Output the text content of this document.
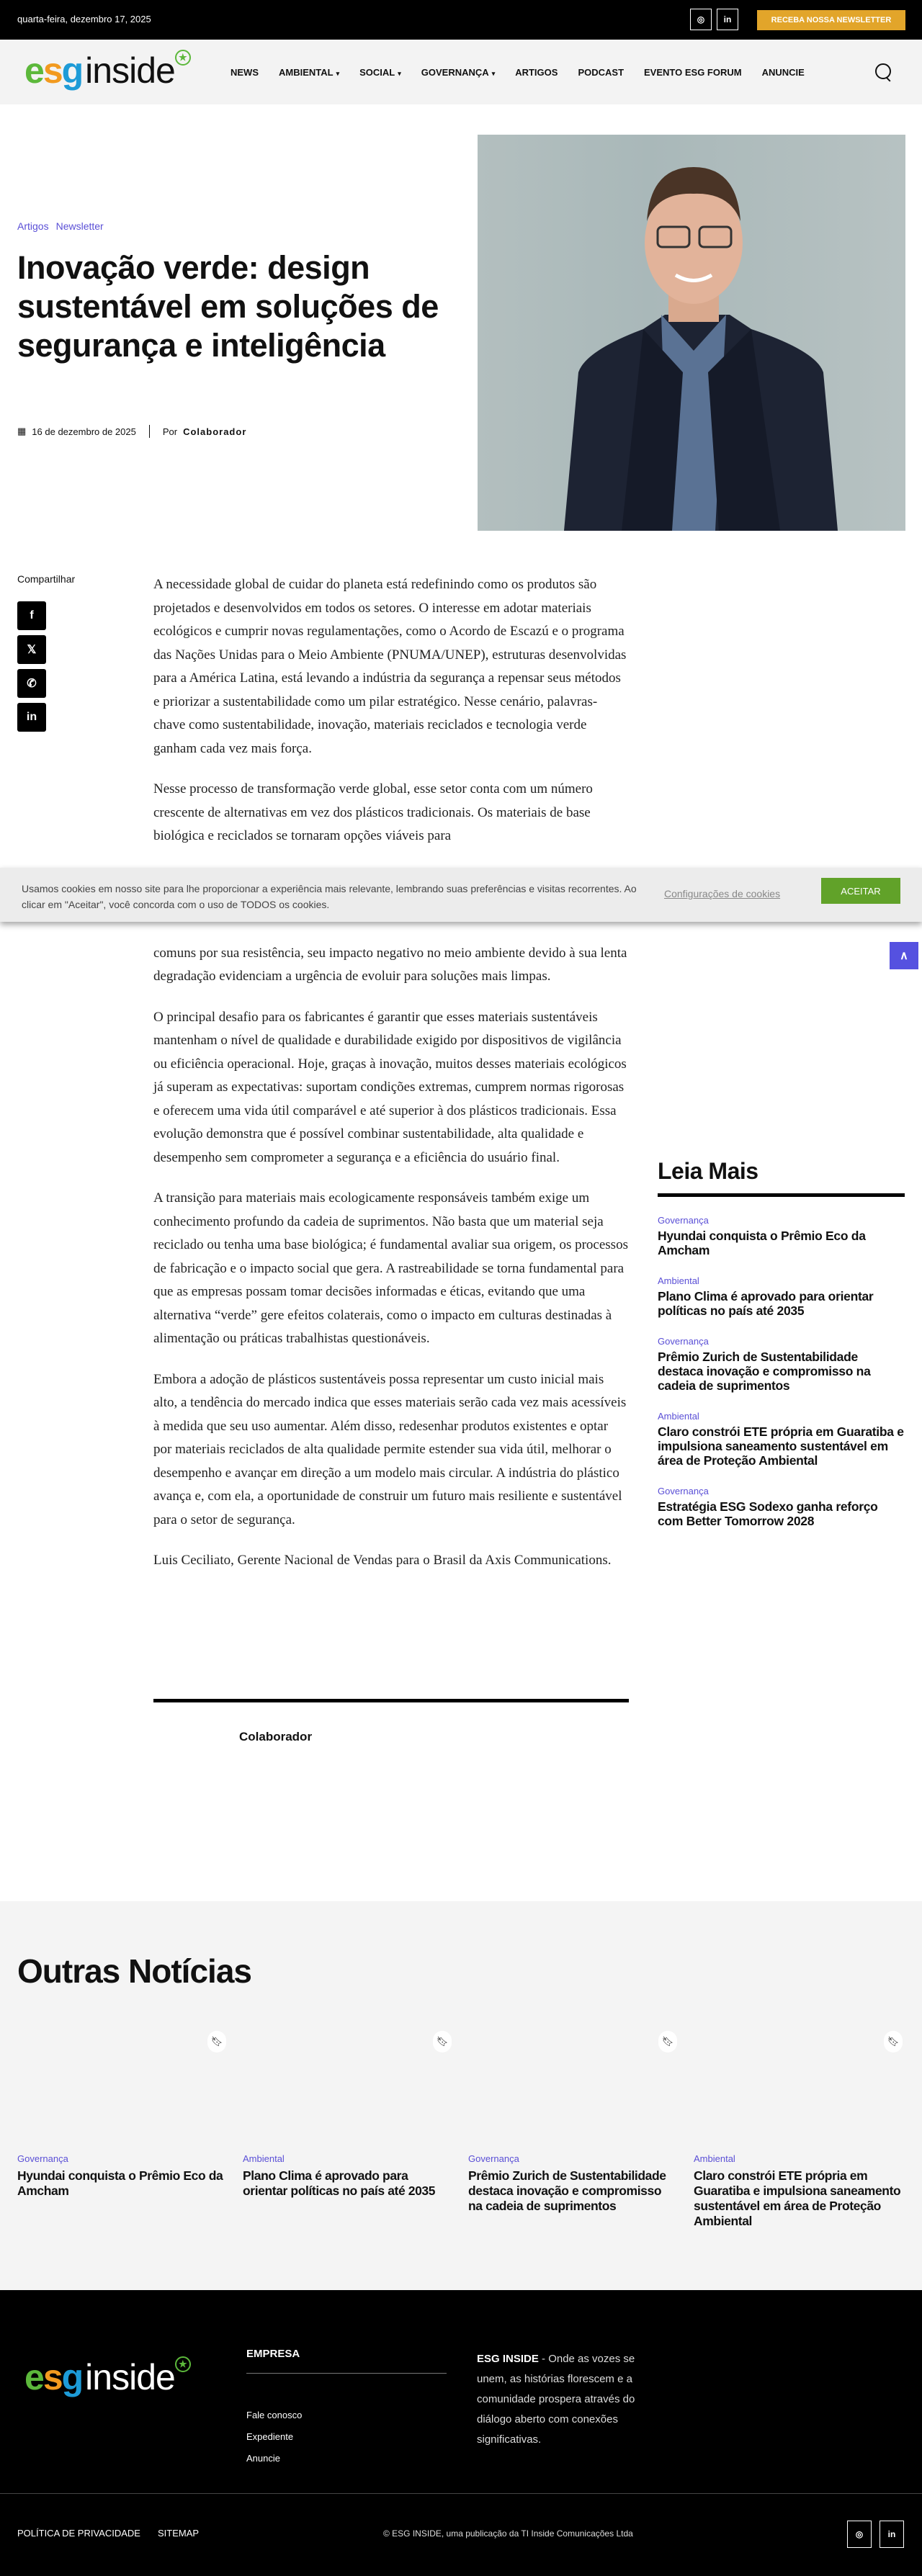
quarta-feira, dezembro 17, 2025	◎	in	RECEBA NOSSA NEWSLETTER
e s g inside ★
NEWS AMBIENTAL ▾ SOCIAL ▾ GOVERNANÇA ▾ ARTIGOS PODCAST EVENTO ESG FORUM ANUNCIE
Artigos Newsletter
Inovação verde: design sustentável em soluções de segurança e inteligência
▦ 16 de dezembro de 2025	Por Colaborador
Compartilhar
f
𝕏
✆
in

A necessidade global de cuidar do planeta está redefinindo como os produtos são projetados e desenvolvidos em todos os setores. O interesse em adotar materiais ecológicos e cumprir novas regulamentações, como o Acordo de Escazú e o programa das Nações Unidas para o Meio Ambiente (PNUMA/UNEP), estruturas desenvolvidas para a América Latina, está levando a indústria da segurança a repensar seus métodos e priorizar a sustentabilidade como um pilar estratégico. Nesse cenário, palavras-chave como sustentabilidade, inovação, materiais reciclados e tecnologia verde ganham cada vez mais força.

Nesse processo de transformação verde global, esse setor conta com um número crescente de alternativas em vez dos plásticos tradicionais. Os materiais de base biológica e reciclados se tornaram opções viáveis para

comuns por sua resistência, seu impacto negativo no meio ambiente devido à sua lenta degradação evidenciam a urgência de evoluir para soluções mais limpas.

O principal desafio para os fabricantes é garantir que esses materiais sustentáveis mantenham o nível de qualidade e durabilidade exigido por dispositivos de vigilância ou eficiência operacional. Hoje, graças à inovação, muitos desses materiais ecológicos já superam as expectativas: suportam condições extremas, cumprem normas rigorosas e oferecem uma vida útil comparável e até superior à dos plásticos tradicionais. Essa evolução demonstra que é possível combinar sustentabilidade, alta qualidade e desempenho sem comprometer a segurança e a eficiência do usuário final.

A transição para materiais mais ecologicamente responsáveis também exige um conhecimento profundo da cadeia de suprimentos. Não basta que um material seja reciclado ou tenha uma base biológica; é fundamental avaliar sua origem, os processos de fabricação e o impacto social que gera. A rastreabilidade se torna fundamental para que as empresas possam tomar decisões informadas e éticas, evitando que uma alternativa “verde” gere efeitos colaterais, como o impacto em culturas destinadas à alimentação ou práticas trabalhistas questionáveis.

Embora a adoção de plásticos sustentáveis possa representar um custo inicial mais alto, a tendência do mercado indica que esses materiais serão cada vez mais acessíveis à medida que seu uso aumentar. Além disso, redesenhar produtos existentes e optar por materiais reciclados de alta qualidade permite estender sua vida útil, melhorar o desempenho e avançar em direção a um modelo mais circular. A indústria do plástico avança e, com ela, a oportunidade de construir um futuro mais resiliente e sustentável para o setor de segurança.

Luis Ceciliato, Gerente Nacional de Vendas para o Brasil da Axis Communications.

Colaborador
Leia Mais
Governança
Hyundai conquista o Prêmio Eco da Amcham
Ambiental
Plano Clima é aprovado para orientar políticas no país até 2035
Governança
Prêmio Zurich de Sustentabilidade destaca inovação e compromisso na cadeia de suprimentos
Ambiental
Claro constrói ETE própria em Guaratiba e impulsiona saneamento sustentável em área de Proteção Ambiental
Governança
Estratégia ESG Sodexo ganha reforço com Better Tomorrow 2028
Usamos cookies em nosso site para lhe proporcionar a experiência mais relevante, lembrando suas preferências e visitas recorrentes. Ao clicar em "Aceitar", você concorda com o uso de TODOS os cookies.
Configurações de cookies	ACEITAR
∧
Outras Notícias
🔖︎
Governança
Hyundai conquista o Prêmio Eco da Amcham
🔖︎
Ambiental
Plano Clima é aprovado para orientar políticas no país até 2035
🔖︎
Governança
Prêmio Zurich de Sustentabilidade destaca inovação e compromisso na cadeia de suprimentos
🔖︎
Ambiental
Claro constrói ETE própria em Guaratiba e impulsiona saneamento sustentável em área de Proteção Ambiental
e s g inside ★
EMPRESA
Fale conosco
Expediente
Anuncie
ESG INSIDE - Onde as vozes se unem, as histórias florescem e a comunidade prospera através do diálogo aberto com conexões significativas.
POLÍTICA DE PRIVACIDADE SITEMAP	© ESG INSIDE, uma publicação da TI Inside Comunicações Ltda	◎	in
